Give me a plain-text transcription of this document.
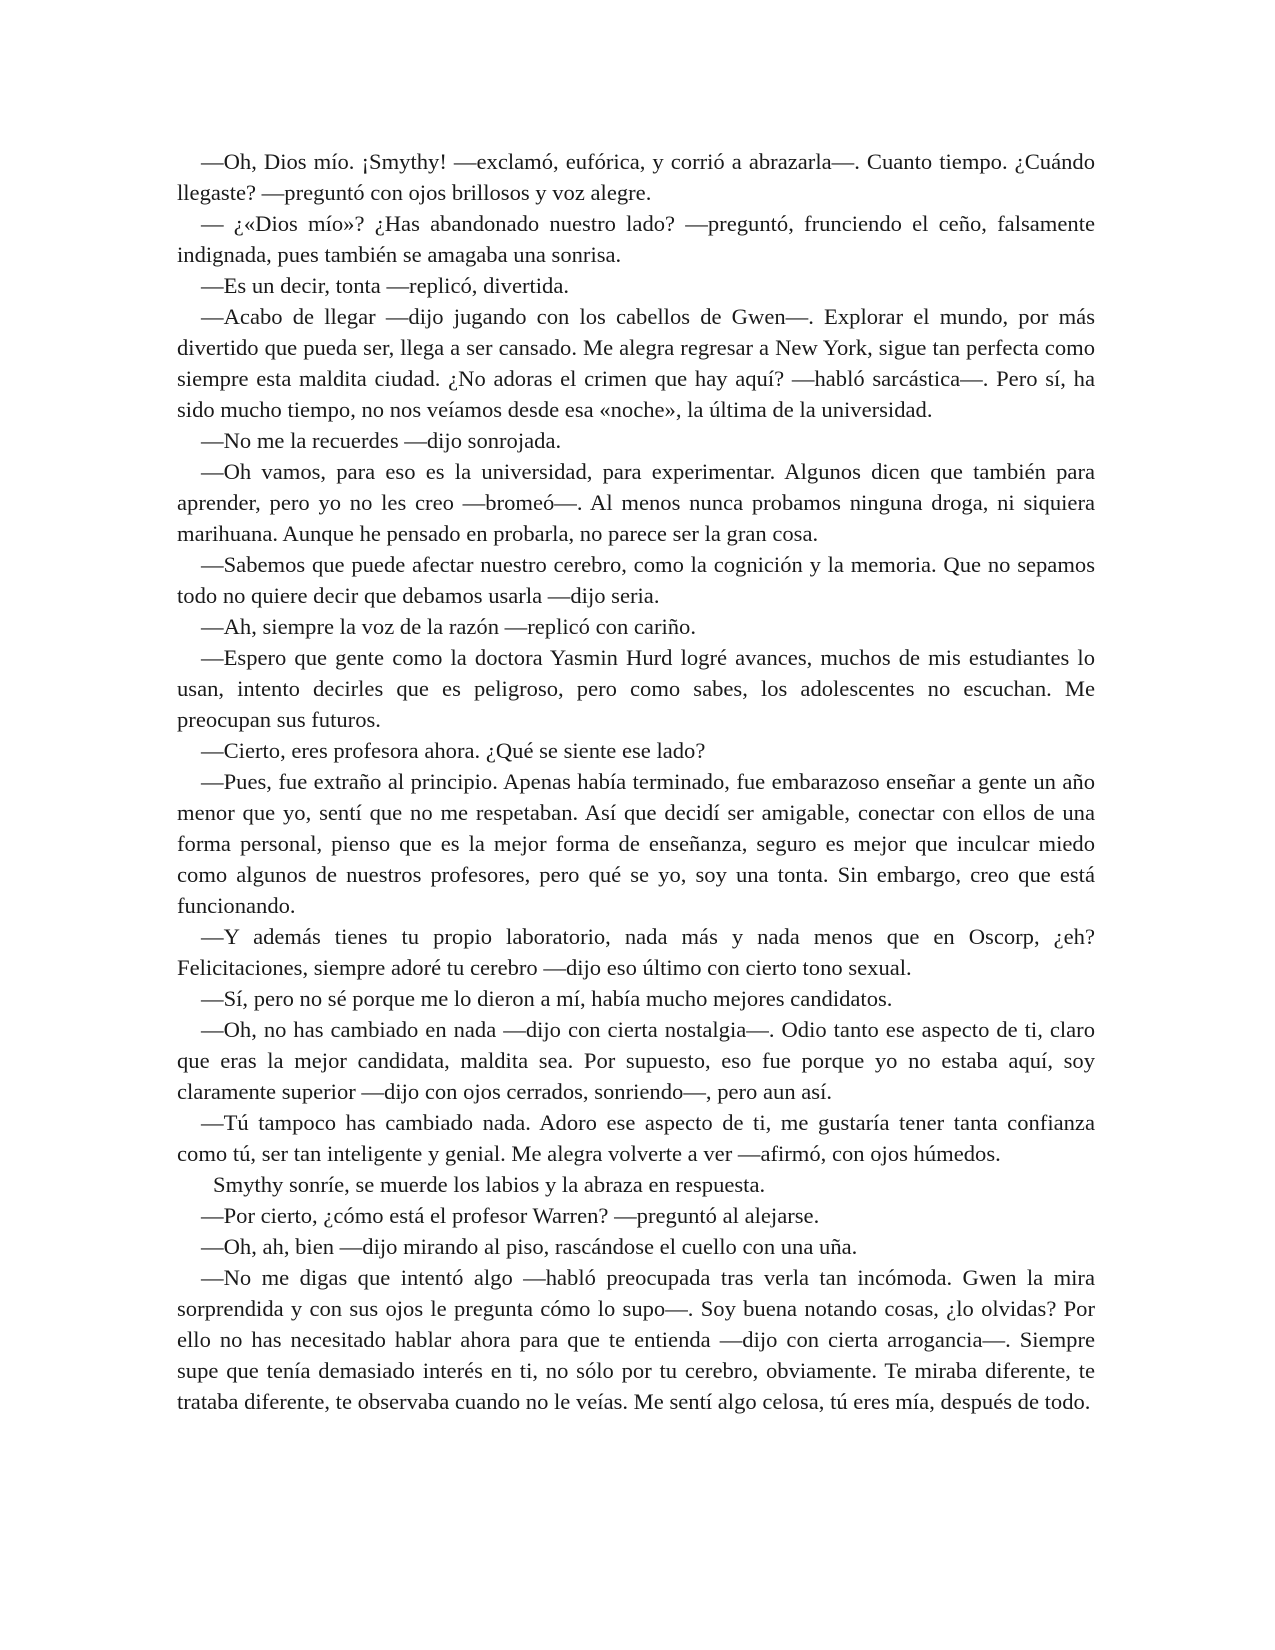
—Oh, Dios mío. ¡Smythy! —exclamó, eufórica, y corrió a abrazarla—. Cuanto tiempo. ¿Cuándo llegaste? —preguntó con ojos brillosos y voz alegre.

— ¿«Dios mío»? ¿Has abandonado nuestro lado? —preguntó, frunciendo el ceño, falsamente indignada, pues también se amagaba una sonrisa.

—Es un decir, tonta —replicó, divertida.

—Acabo de llegar —dijo jugando con los cabellos de Gwen—. Explorar el mundo, por más divertido que pueda ser, llega a ser cansado. Me alegra regresar a New York, sigue tan perfecta como siempre esta maldita ciudad. ¿No adoras el crimen que hay aquí? —habló sarcástica—. Pero sí, ha sido mucho tiempo, no nos veíamos desde esa «noche», la última de la universidad.

—No me la recuerdes —dijo sonrojada.

—Oh vamos, para eso es la universidad, para experimentar. Algunos dicen que también para aprender, pero yo no les creo —bromeó—. Al menos nunca probamos ninguna droga, ni siquiera marihuana. Aunque he pensado en probarla, no parece ser la gran cosa.

—Sabemos que puede afectar nuestro cerebro, como la cognición y la memoria. Que no sepamos todo no quiere decir que debamos usarla —dijo seria.

—Ah, siempre la voz de la razón —replicó con cariño.

—Espero que gente como la doctora Yasmin Hurd logré avances, muchos de mis estudiantes lo usan, intento decirles que es peligroso, pero como sabes, los adolescentes no escuchan. Me preocupan sus futuros.

—Cierto, eres profesora ahora. ¿Qué se siente ese lado?

—Pues, fue extraño al principio. Apenas había terminado, fue embarazoso enseñar a gente un año menor que yo, sentí que no me respetaban. Así que decidí ser amigable, conectar con ellos de una forma personal, pienso que es la mejor forma de enseñanza, seguro es mejor que inculcar miedo como algunos de nuestros profesores, pero qué se yo, soy una tonta. Sin embargo, creo que está funcionando.

—Y además tienes tu propio laboratorio, nada más y nada menos que en Oscorp, ¿eh? Felicitaciones, siempre adoré tu cerebro —dijo eso último con cierto tono sexual.

—Sí, pero no sé porque me lo dieron a mí, había mucho mejores candidatos.

—Oh, no has cambiado en nada —dijo con cierta nostalgia—. Odio tanto ese aspecto de ti, claro que eras la mejor candidata, maldita sea. Por supuesto, eso fue porque yo no estaba aquí, soy claramente superior —dijo con ojos cerrados, sonriendo—, pero aun así.

—Tú tampoco has cambiado nada. Adoro ese aspecto de ti, me gustaría tener tanta confianza como tú, ser tan inteligente y genial. Me alegra volverte a ver —afirmó, con ojos húmedos.

Smythy sonríe, se muerde los labios y la abraza en respuesta.

—Por cierto, ¿cómo está el profesor Warren? —preguntó al alejarse.

—Oh, ah, bien —dijo mirando al piso, rascándose el cuello con una uña.

—No me digas que intentó algo —habló preocupada tras verla tan incómoda. Gwen la mira sorprendida y con sus ojos le pregunta cómo lo supo—. Soy buena notando cosas, ¿lo olvidas? Por ello no has necesitado hablar ahora para que te entienda —dijo con cierta arrogancia—. Siempre supe que tenía demasiado interés en ti, no sólo por tu cerebro, obviamente. Te miraba diferente, te trataba diferente, te observaba cuando no le veías. Me sentí algo celosa, tú eres mía, después de todo.
